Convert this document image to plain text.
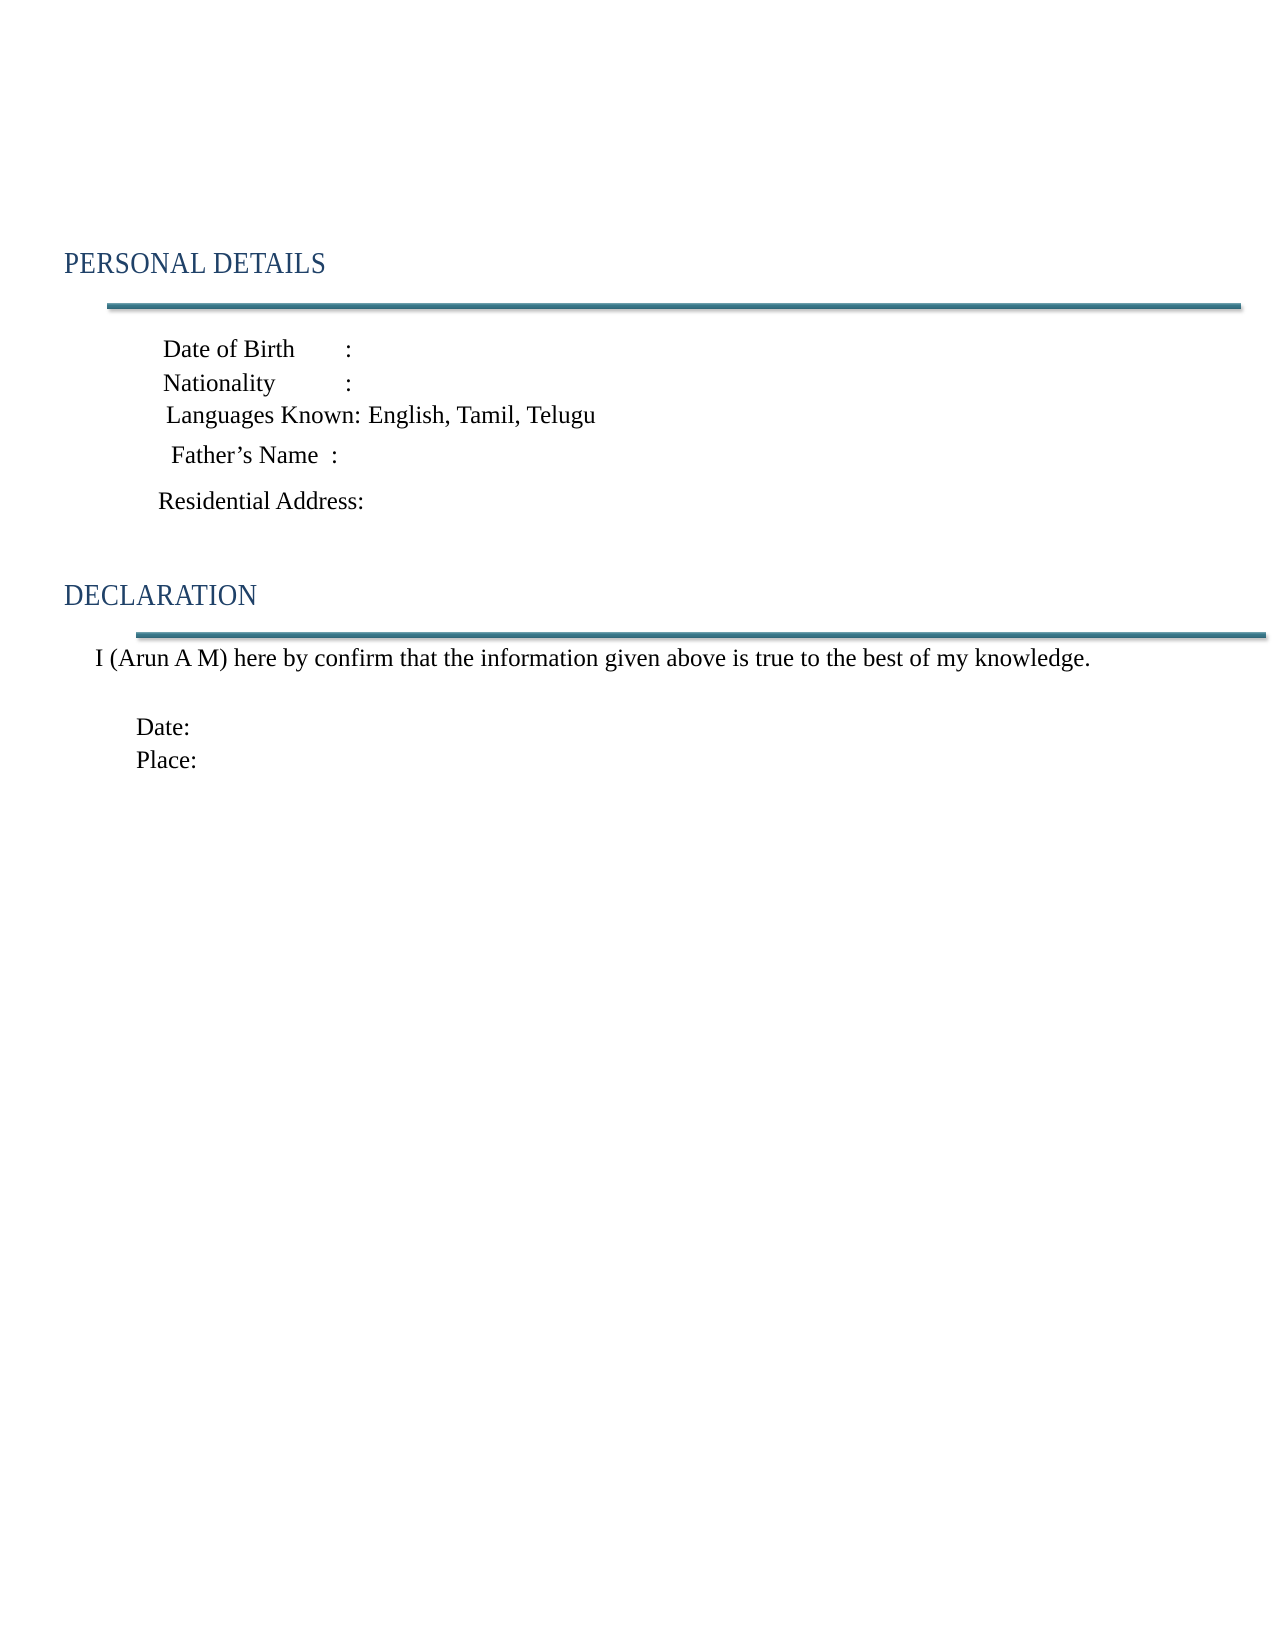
PERSONAL DETAILS
Date of Birth :
Nationality	:
Languages Known: English, Tamil, Telugu
Father’s Name :
Residential Address:
DECLARATION
I (Arun A M) here by confirm that the information given above is true to the best of my knowledge.
Date:
Place:
